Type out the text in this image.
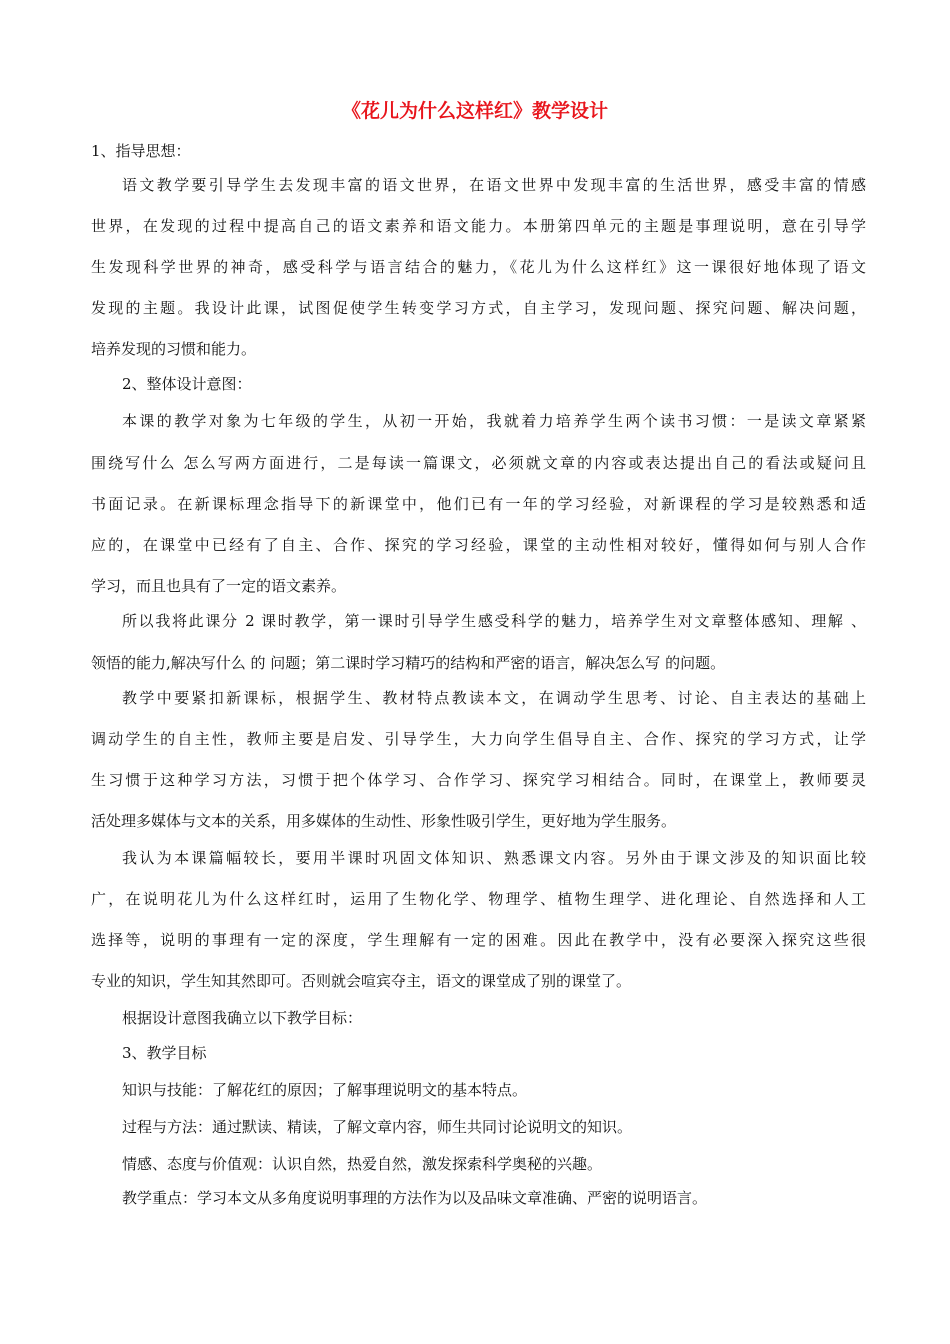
《花儿为什么这样红》教学设计
1、指导思想：
语文教学要引导学生去发现丰富的语文世界，在语文世界中发现丰富的生活世界，感受丰富的情感
世界，在发现的过程中提高自己的语文素养和语文能力。本册第四单元的主题是事理说明，意在引导学
生发现科学世界的神奇，感受科学与语言结合的魅力，《花儿为什么这样红》这一课很好地体现了语文
发现的主题。我设计此课，试图促使学生转变学习方式，自主学习，发现问题、探究问题、解决问题，
培养发现的习惯和能力。
2、整体设计意图：
本课的教学对象为七年级的学生，从初一开始，我就着力培养学生两个读书习惯：一是读文章紧紧
围绕写什么 怎么写两方面进行，二是每读一篇课文，必须就文章的内容或表达提出自己的看法或疑问且
书面记录。在新课标理念指导下的新课堂中，他们已有一年的学习经验，对新课程的学习是较熟悉和适
应的，在课堂中已经有了自主、合作、探究的学习经验，课堂的主动性相对较好，懂得如何与别人合作
学习，而且也具有了一定的语文素养。
所以我将此课分 2 课时教学，第一课时引导学生感受科学的魅力，培养学生对文章整体感知、理解 、
领悟的能力,解决写什么 的 问题；第二课时学习精巧的结构和严密的语言，解决怎么写 的问题。
教学中要紧扣新课标，根据学生、教材特点教读本文，在调动学生思考、讨论、自主表达的基础上
调动学生的自主性，教师主要是启发、引导学生，大力向学生倡导自主、合作、探究的学习方式，让学
生习惯于这种学习方法，习惯于把个体学习、合作学习、探究学习相结合。同时，在课堂上，教师要灵
活处理多媒体与文本的关系，用多媒体的生动性、形象性吸引学生，更好地为学生服务。
我认为本课篇幅较长，要用半课时巩固文体知识、熟悉课文内容。另外由于课文涉及的知识面比较
广，在说明花儿为什么这样红时，运用了生物化学、物理学、植物生理学、进化理论、自然选择和人工
选择等，说明的事理有一定的深度，学生理解有一定的困难。因此在教学中，没有必要深入探究这些很
专业的知识，学生知其然即可。否则就会喧宾夺主，语文的课堂成了别的课堂了。
根据设计意图我确立以下教学目标：
3、教学目标
知识与技能：了解花红的原因；了解事理说明文的基本特点。
过程与方法：通过默读、精读，了解文章内容，师生共同讨论说明文的知识。
情感、态度与价值观：认识自然，热爱自然，激发探索科学奥秘的兴趣。
教学重点：学习本文从多角度说明事理的方法作为以及品味文章准确、严密的说明语言。
